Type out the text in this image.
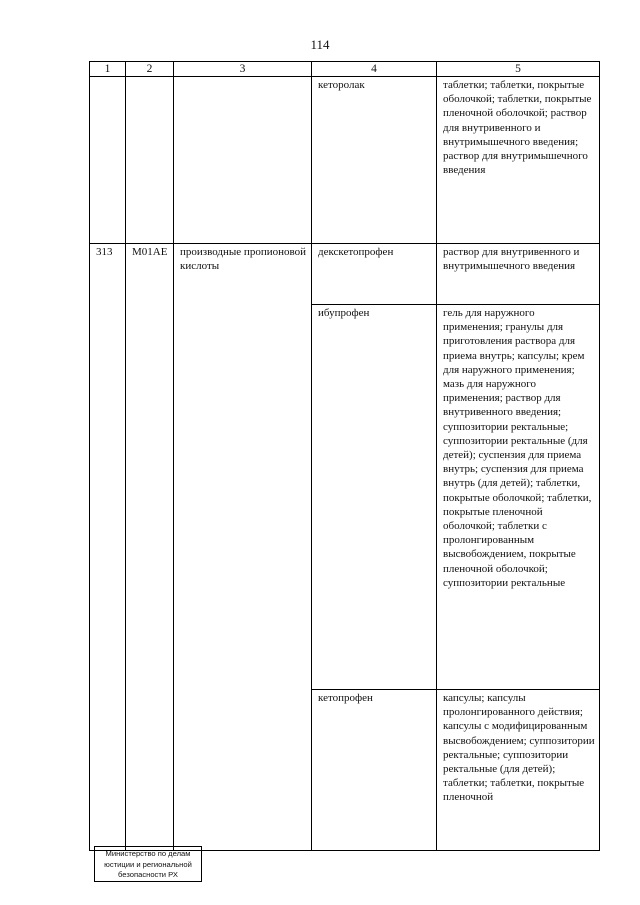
114
1	2	3	4	5
			кеторолак	таблетки; таблетки, покрытые оболочкой; таблетки, покрытые пленочной оболочкой; раствор для внутривенного и внутримышечного введения; раствор для внутримышечного введения
313	M01AE	производные пропионовой кислоты	декскетопрофен	раствор для внутривенного и внутримышечного введения
			ибупрофен	гель для наружного применения; гранулы для приготовления раствора для приема внутрь; капсулы; крем для наружного применения; мазь для наружного применения; раствор для внутривенного введения; суппозитории ректальные; суппозитории ректальные (для детей); суспензия для приема внутрь; суспензия для приема внутрь (для детей); таблетки, покрытые оболочкой; таблетки, покрытые пленочной оболочкой; таблетки с пролонгированным высвобождением, покрытые пленочной оболочкой; суппозитории ректальные
			кетопрофен	капсулы; капсулы пролонгированного действия; капсулы с модифицированным высвобождением; суппозитории ректальные; суппозитории ректальные (для детей); таблетки; таблетки, покрытые пленочной
Министерство по делам
юстиции и региональной
безопасности РХ
